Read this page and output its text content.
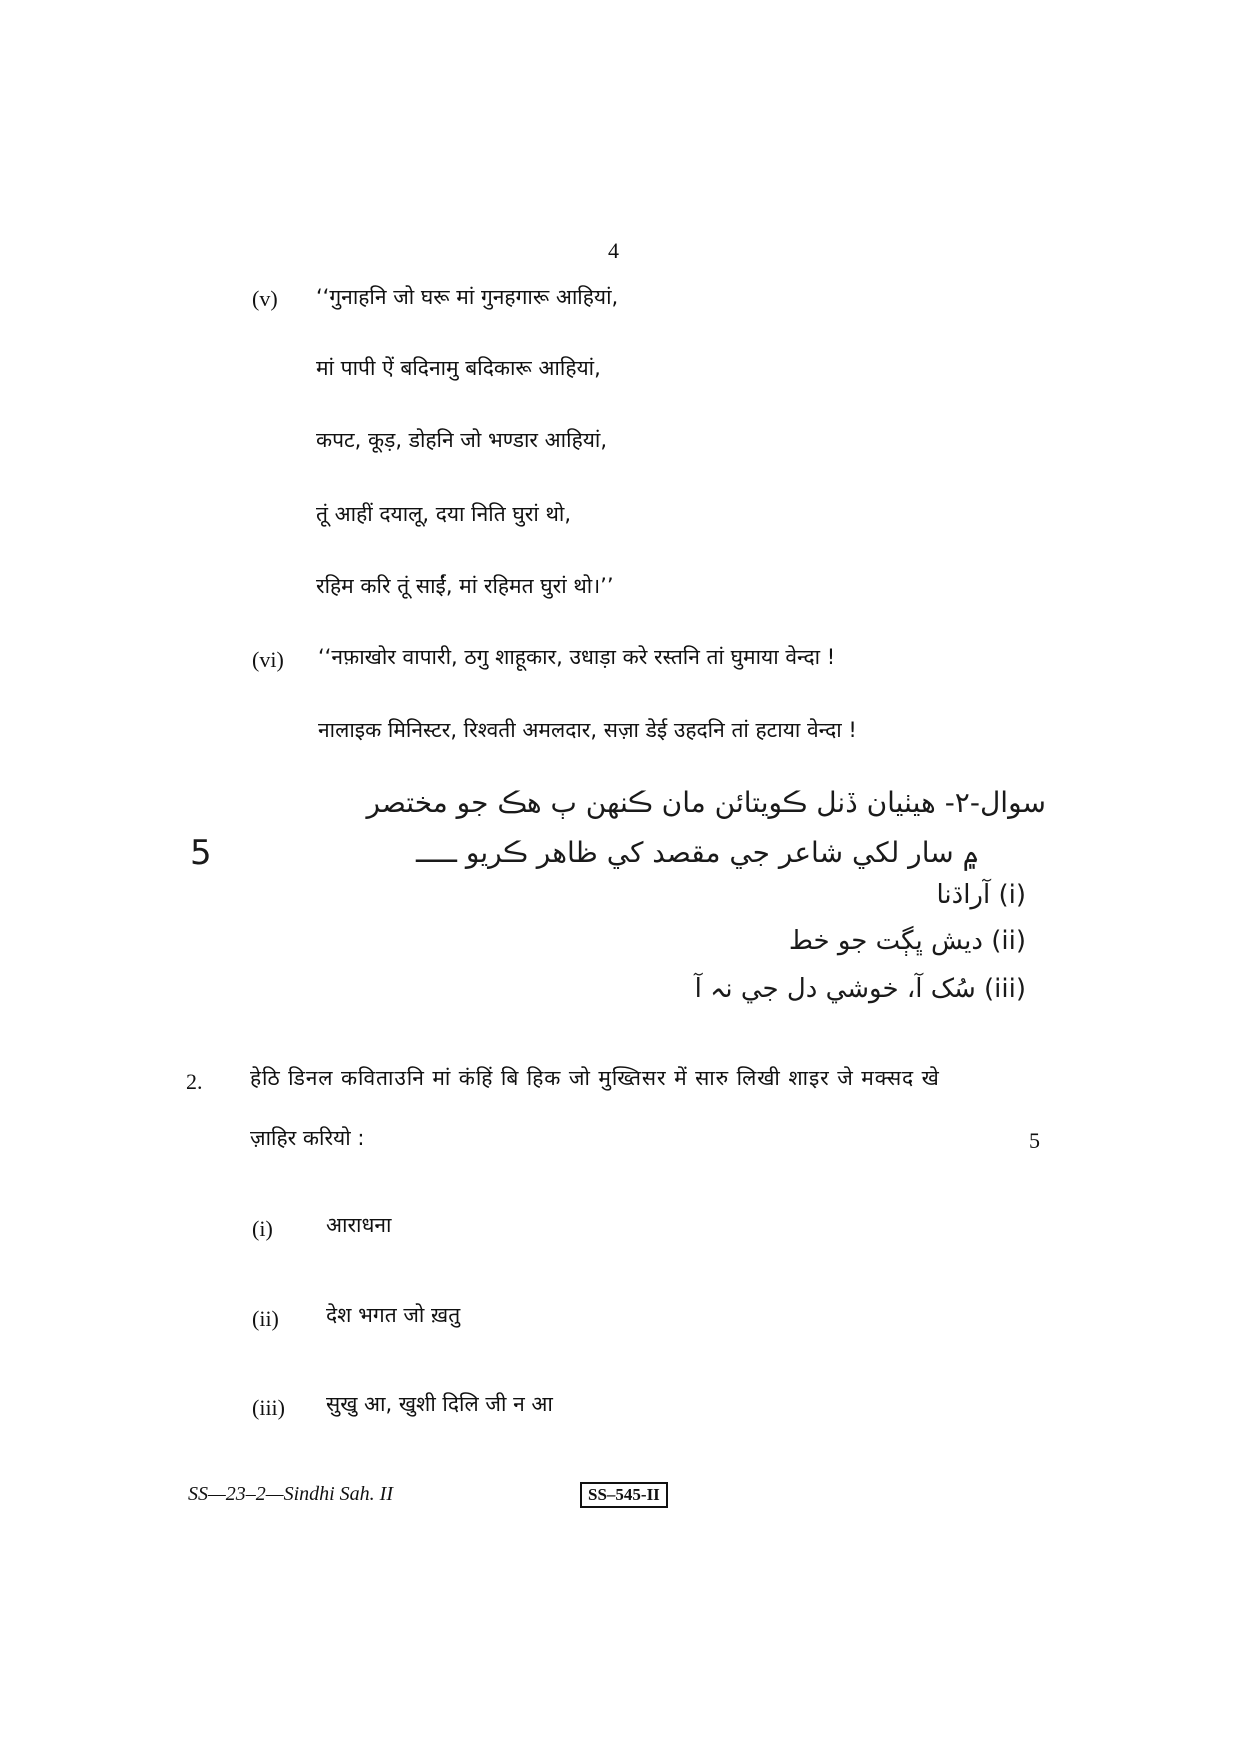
4
(v) ‘‘गुनाहनि जो घरू मां गुनहगारू आहियां,
मां पापी ऐं बदिनामु बदिकारू आहियां,
कपट, कूड़, डोहनि जो भण्डार आहियां,
तूं आहीं दयालू, दया निति घुरां थो,
रहिम करि तूं साईं, मां रहिमत घुरां थो।’’
(vi) ‘‘नफ़ाखोर वापारी, ठगु शाहूकार, उधाड़ा करे रस्तनि तां घुमाया वेन्दा !
नालाइक मिनिस्टर, रिश्वती अमलदार, सज़ा डेई उहदनि तां हटाया वेन्दा !
5
سوال-٢- هيٺيان ڏنل ڪويتائن مان ڪنهن ٻ هڪ جو مختصر
۾ سار لکي شاعر جي مقصد کي ظاهر ڪريو ـــــ
(i) آراڌنا
(ii) ديش ڀڳت جو خط
(iii) سُک آ، خوشي دل جي نہ آ
2. हेठि डिनल कविताउनि मां कंहिं बि हिक जो मुख्तिसर में सारु लिखी शाइर जे मक्सद खे
ज़ाहिर करियो :	5
(i)	आराधना
(ii) देश भगत जो ख़तु
(iii) सुखु आ, खुशी दिलि जी न आ
SS—23–2—Sindhi Sah. II	SS–545-II
